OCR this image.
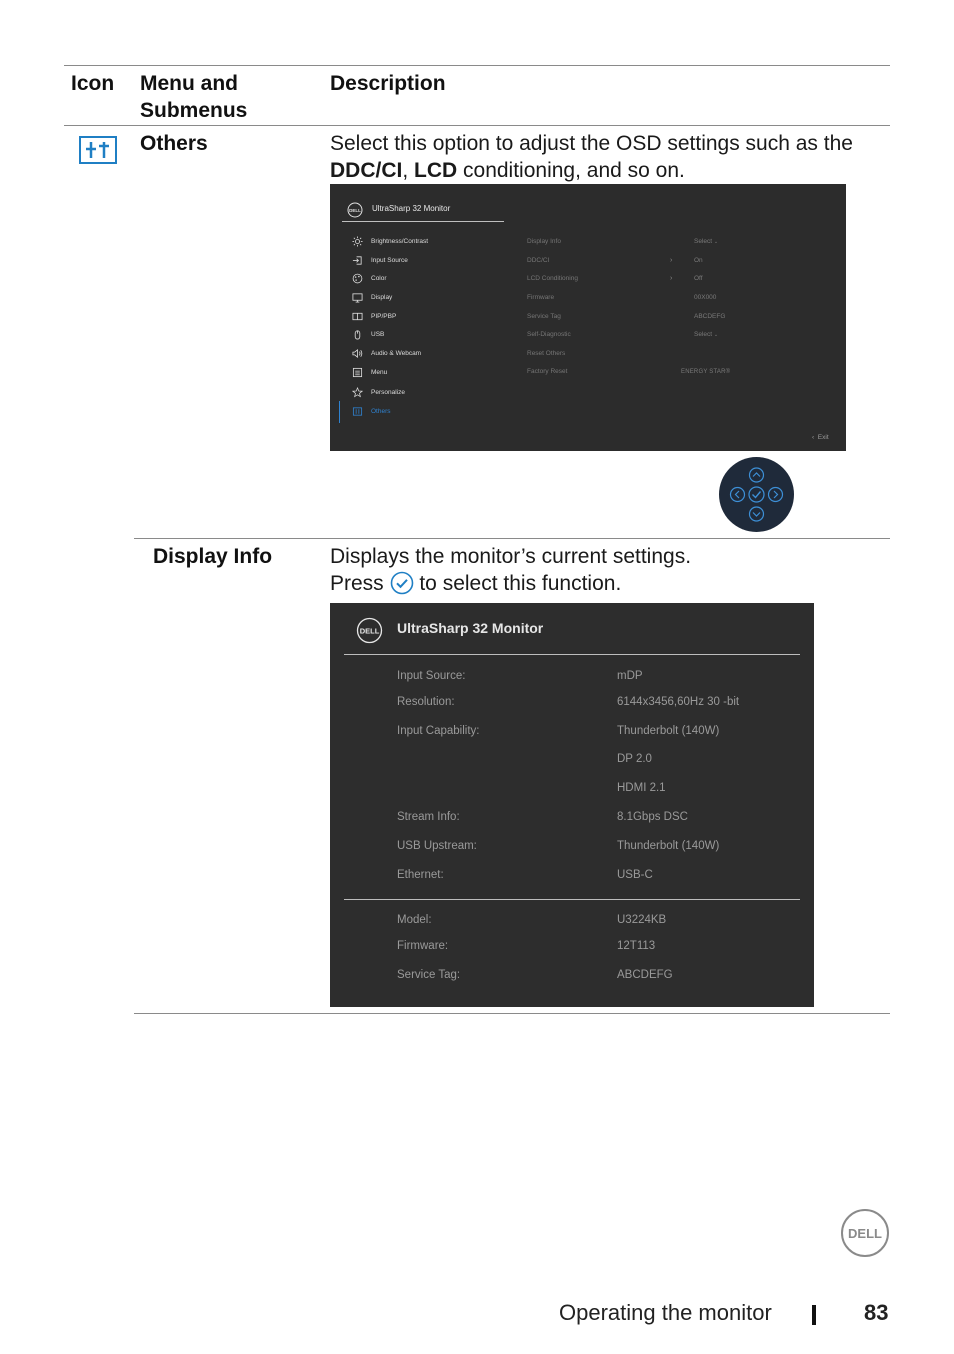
Icon Menu and
Submenus
Description
Others	Select this option to adjust the OSD settings such as the DDC/CI, LCD conditioning, and so on.
DELL UltraSharp 32 Monitor
Brightness/Contrast
Input Source
Color
Display
PIP/PBP
USB
Audio & Webcam
Menu
Personalize
Others
Display Info	Select ⌄
DDC/CI	›	On
LCD Conditioning	›	Off
Firmware	00X000
Service Tag	ABCDEFG
Self-Diagnostic	Select ⌄
Reset Others
Factory Reset	ENERGY STAR®
‹ Exit
Display Info	Displays the monitor’s current settings.
Press  to select this function.
DELL UltraSharp 32 Monitor
Input Source:	mDP
Resolution:	6144x3456,60Hz 30 -bit
Input Capability:	Thunderbolt (140W)
DP 2.0
HDMI 2.1
Stream Info:	8.1Gbps DSC
USB Upstream:	Thunderbolt (140W)
Ethernet:	USB-C
Model:	U3224KB
Firmware:	12T113
Service Tag:	ABCDEFG
DELL
Operating the monitor	83
